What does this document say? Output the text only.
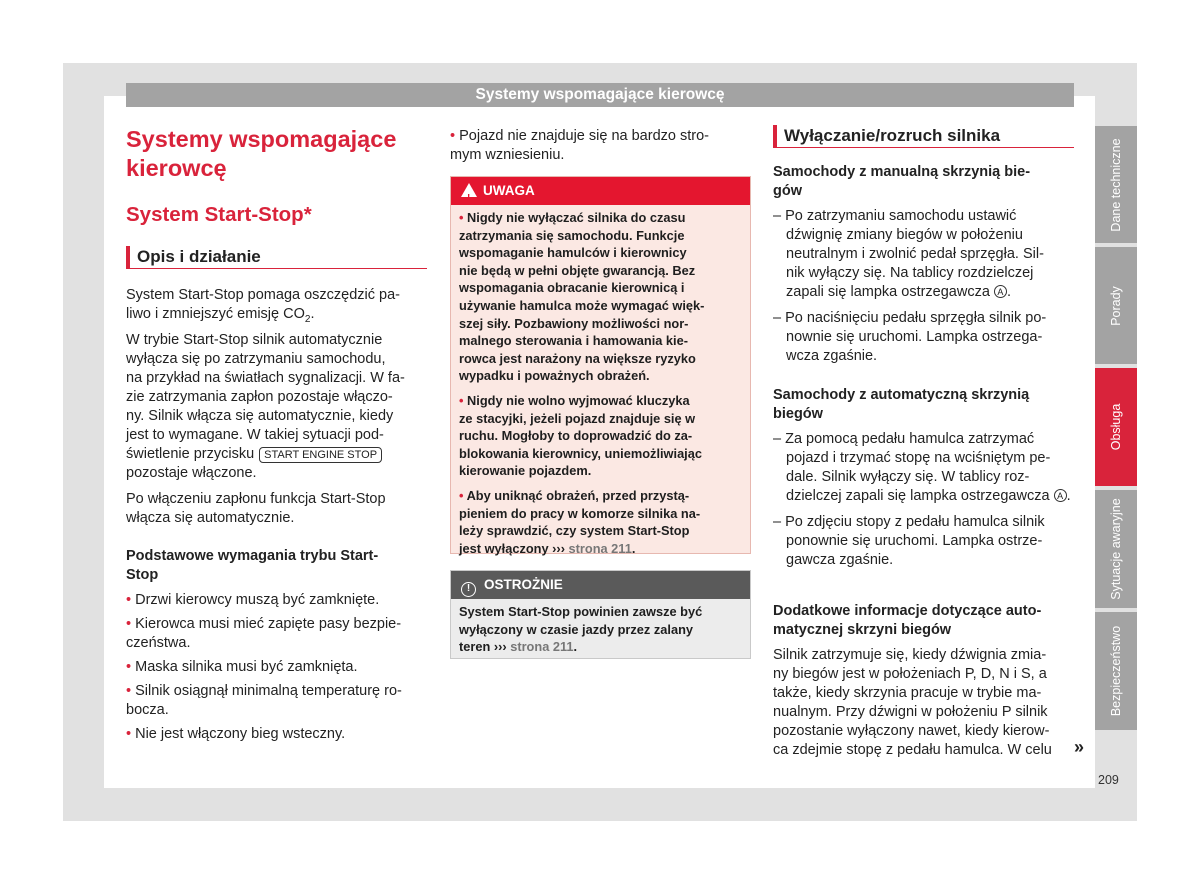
Systemy wspomagające kierowcę
Systemy wspomagające kierowcę
System Start-Stop*
Opis i działanie
System Start-Stop pomaga oszczędzić pa-
liwo i zmniejszyć emisję $CO_2$.
W trybie Start-Stop silnik automatycznie
wyłącza się po zatrzymaniu samochodu,
na przykład na światłach sygnalizacji. W fa-
zie zatrzymania zapłon pozostaje włączo-
ny. Silnik włącza się automatycznie, kiedy
jest to wymagane. W takiej sytuacji pod-
świetlenie przycisku START ENGINE STOP
pozostaje włączone.
Po włączeniu zapłonu funkcja Start-Stop
włącza się automatycznie.
Podstawowe wymagania trybu Start-
Stop
• Drzwi kierowcy muszą być zamknięte.
• Kierowca musi mieć zapięte pasy bezpie-
czeństwa.
• Maska silnika musi być zamknięta.
• Silnik osiągnął minimalną temperaturę ro-
bocza.
• Nie jest włączony bieg wsteczny.
• Pojazd nie znajduje się na bardzo stro-
mym wzniesieniu.
!UWAGA

• Nigdy nie wyłączać silnika do czasu
zatrzymania się samochodu. Funkcje
wspomaganie hamulców i kierownicy
nie będą w pełni objęte gwarancją. Bez
wspomagania obracanie kierownicą i
używanie hamulca może wymagać więk-
szej siły. Pozbawiony możliwości nor-
malnego sterowania i hamowania kie-
rowca jest narażony na większe ryzyko
wypadku i poważnych obrażeń.

• Nigdy nie wolno wyjmować kluczyka
ze stacyjki, jeżeli pojazd znajduje się w
ruchu. Mogłoby to doprowadzić do za-
blokowania kierownicy, uniemożliwiając
kierowanie pojazdem.

• Aby uniknąć obrażeń, przed przystą-
pieniem do pracy w komorze silnika na-
leży sprawdzić, czy system Start-Stop
jest wyłączony ››› strona 211.

! OSTROŻNIE
System Start-Stop powinien zawsze być
wyłączony w czasie jazdy przez zalany
teren ››› strona 211.
Wyłączanie/rozruch silnika
Samochody z manualną skrzynią bie-
gów
– Po zatrzymaniu samochodu ustawić
dźwignię zmiany biegów w położeniu
neutralnym i zwolnić pedał sprzęgła. Sil-
nik wyłączy się. Na tablicy rozdzielczej
zapali się lampka ostrzegawcza A .
– Po naciśnięciu pedału sprzęgła silnik po-
nownie się uruchomi. Lampka ostrzega-
wcza zgaśnie.
Samochody z automatyczną skrzynią
biegów
– Za pomocą pedału hamulca zatrzymać
pojazd i trzymać stopę na wciśniętym pe-
dale. Silnik wyłączy się. W tablicy roz-
dzielczej zapali się lampka ostrzegawcza A .
– Po zdjęciu stopy z pedału hamulca silnik
ponownie się uruchomi. Lampka ostrze-
gawcza zgaśnie.
Dodatkowe informacje dotyczące auto-
matycznej skrzyni biegów
Silnik zatrzymuje się, kiedy dźwignia zmia-
ny biegów jest w położeniach P, D, N i S, a
także, kiedy skrzynia pracuje w trybie ma-
nualnym. Przy dźwigni w położeniu P silnik
pozostanie wyłączony nawet, kiedy kierow-
ca zdejmie stopę z pedału hamulca. W celu	»
Dane techniczne
Porady
Obsługa
Sytuacje awaryjne
Bezpieczeństwo
209
